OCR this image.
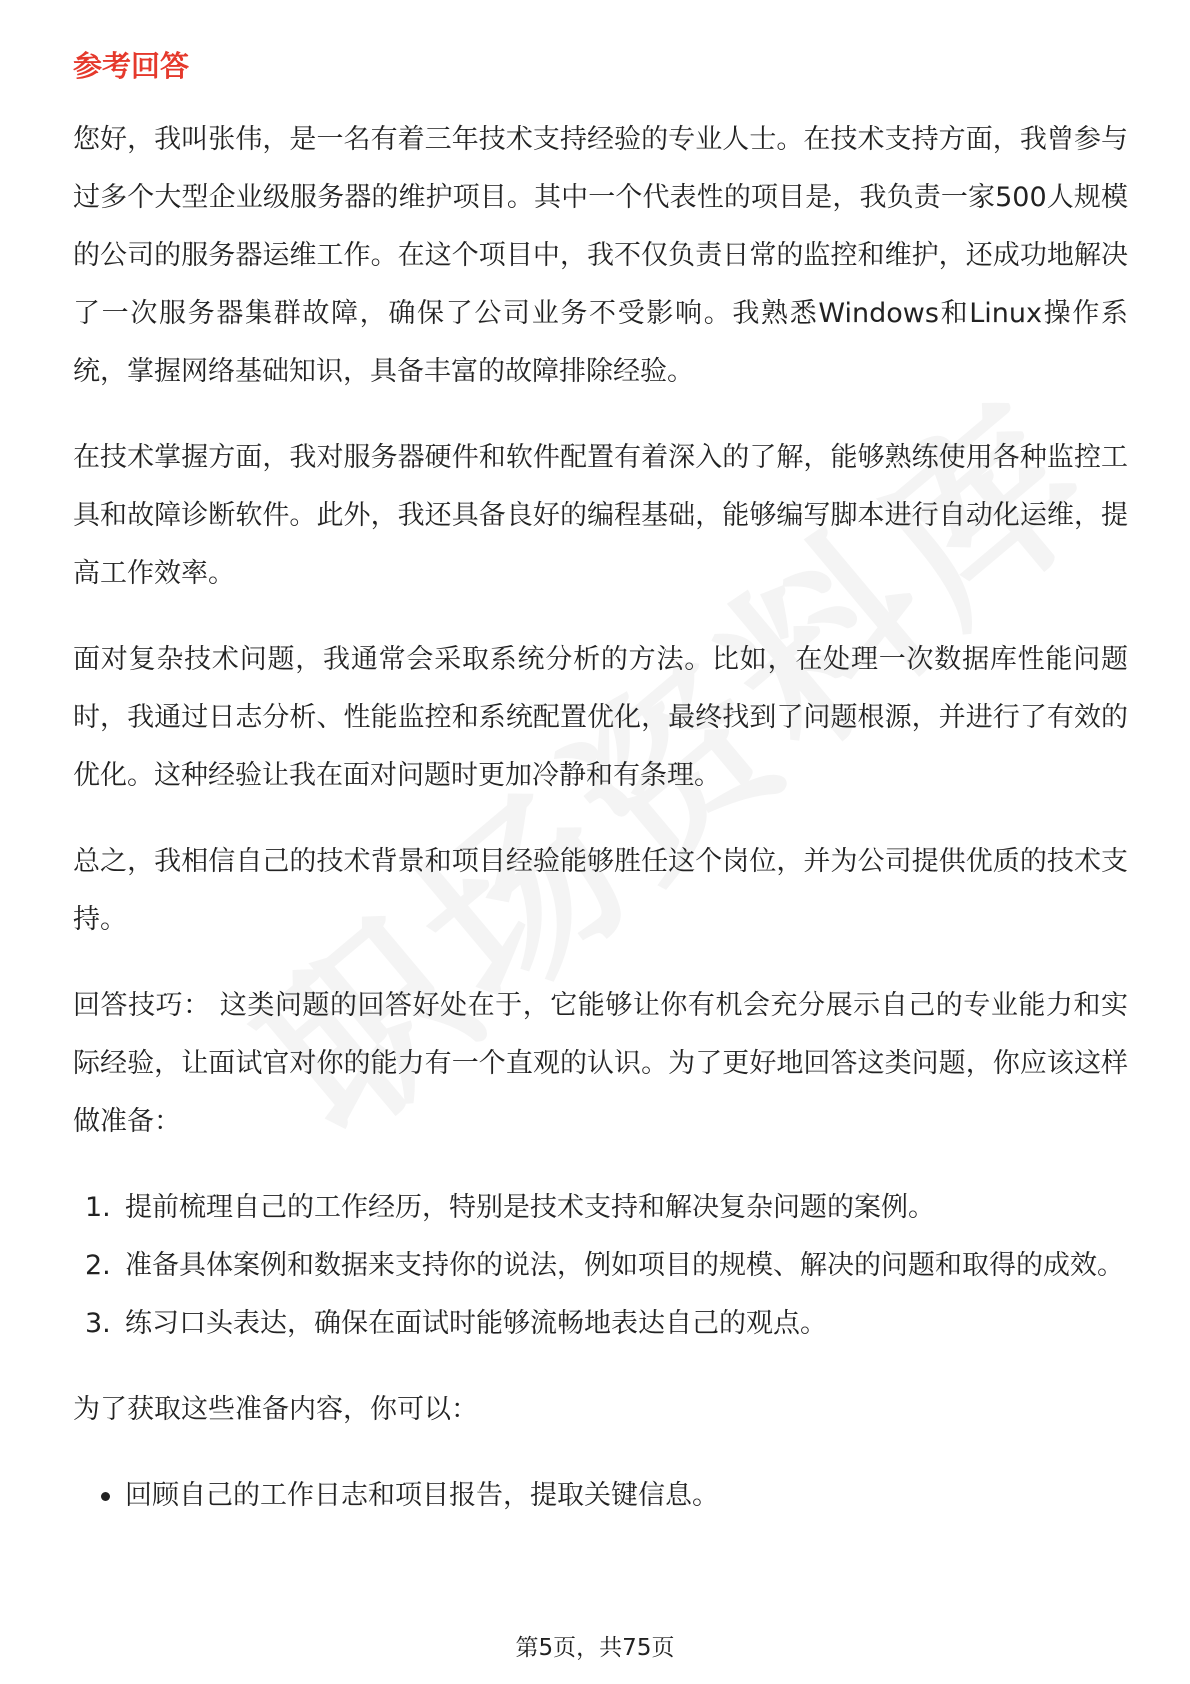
参考回答

您好，我叫张伟，是一名有着三年技术支持经验的专业人士。在技术支持方面，我曾参与过多个大型企业级服务器的维护项目。其中一个代表性的项目是，我负责一家500人规模的公司的服务器运维工作。在这个项目中，我不仅负责日常的监控和维护，还成功地解决了一次服务器集群故障，确保了公司业务不受影响。我熟悉Windows和Linux操作系统，掌握网络基础知识，具备丰富的故障排除经验。

在技术掌握方面，我对服务器硬件和软件配置有着深入的了解，能够熟练使用各种监控工具和故障诊断软件。此外，我还具备良好的编程基础，能够编写脚本进行自动化运维，提高工作效率。

面对复杂技术问题，我通常会采取系统分析的方法。比如，在处理一次数据库性能问题时，我通过日志分析、性能监控和系统配置优化，最终找到了问题根源，并进行了有效的优化。这种经验让我在面对问题时更加冷静和有条理。

总之，我相信自己的技术背景和项目经验能够胜任这个岗位，并为公司提供优质的技术支持。

回答技巧： 这类问题的回答好处在于，它能够让你有机会充分展示自己的专业能力和实际经验，让面试官对你的能力有一个直观的认识。为了更好地回答这类问题，你应该这样做准备：

1. 提前梳理自己的工作经历，特别是技术支持和解决复杂问题的案例。
2. 准备具体案例和数据来支持你的说法，例如项目的规模、解决的问题和取得的成效。
3. 练习口头表达，确保在面试时能够流畅地表达自己的观点。

为了获取这些准备内容，你可以：

回顾自己的工作日志和项目报告，提取关键信息。
第5页，共75页
